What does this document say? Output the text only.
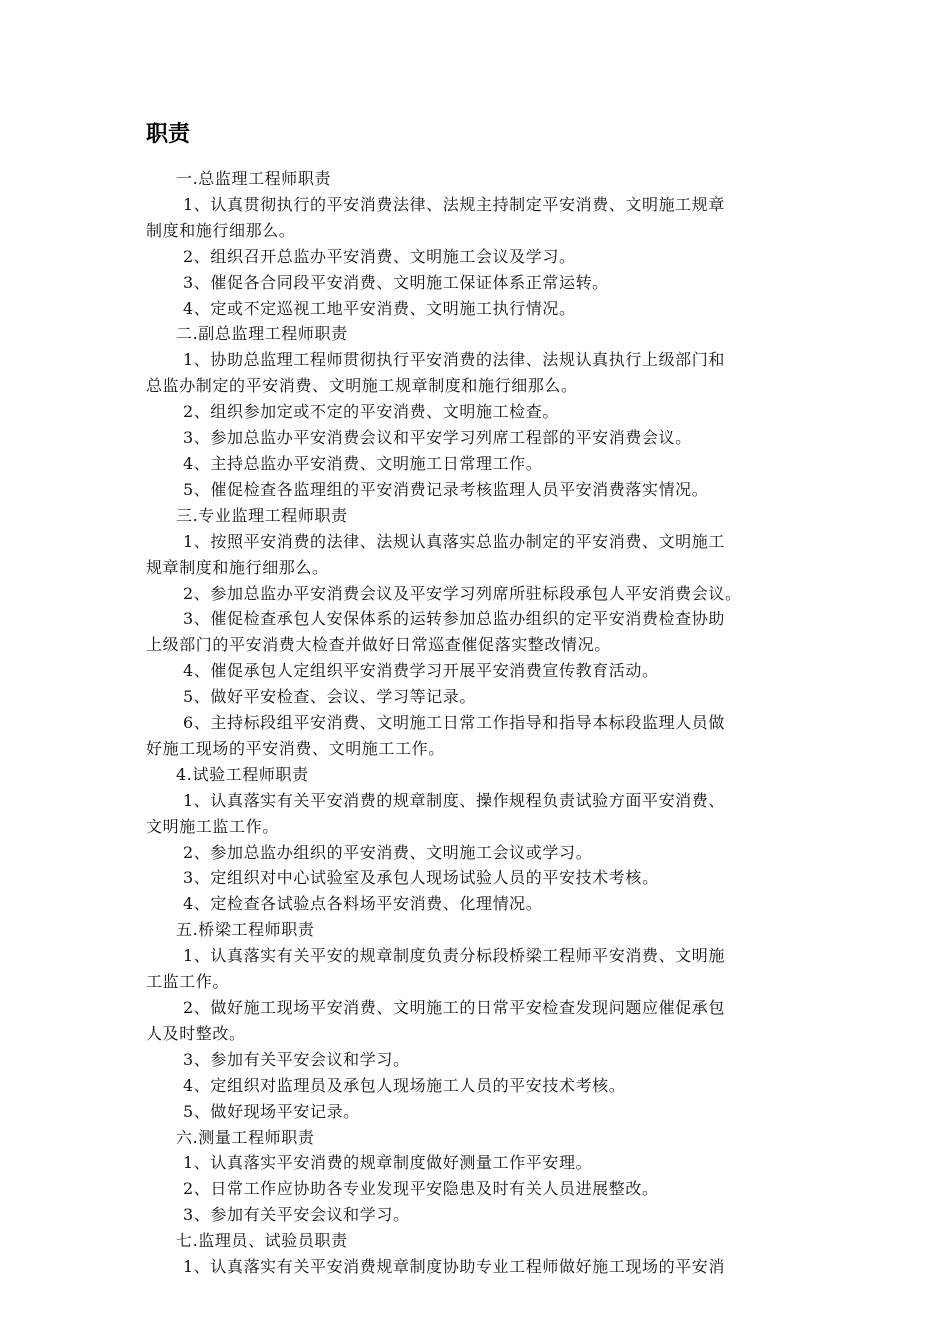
职责

一.总监理工程师职责

1、认真贯彻执行的平安消费法律、法规主持制定平安消费、文明施工规章

制度和施行细那么。

2、组织召开总监办平安消费、文明施工会议及学习。

3、催促各合同段平安消费、文明施工保证体系正常运转。

4、定或不定巡视工地平安消费、文明施工执行情况。

二.副总监理工程师职责

1、协助总监理工程师贯彻执行平安消费的法律、法规认真执行上级部门和

总监办制定的平安消费、文明施工规章制度和施行细那么。

2、组织参加定或不定的平安消费、文明施工检查。

3、参加总监办平安消费会议和平安学习列席工程部的平安消费会议。

4、主持总监办平安消费、文明施工日常理工作。

5、催促检查各监理组的平安消费记录考核监理人员平安消费落实情况。

三.专业监理工程师职责

1、按照平安消费的法律、法规认真落实总监办制定的平安消费、文明施工

规章制度和施行细那么。

2、参加总监办平安消费会议及平安学习列席所驻标段承包人平安消费会议。

3、催促检查承包人安保体系的运转参加总监办组织的定平安消费检查协助

上级部门的平安消费大检查并做好日常巡查催促落实整改情况。

4、催促承包人定组织平安消费学习开展平安消费宣传教育活动。

5、做好平安检查、会议、学习等记录。

6、主持标段组平安消费、文明施工日常工作指导和指导本标段监理人员做

好施工现场的平安消费、文明施工工作。

4.试验工程师职责

1、认真落实有关平安消费的规章制度、操作规程负责试验方面平安消费、

文明施工监工作。

2、参加总监办组织的平安消费、文明施工会议或学习。

3、定组织对中心试验室及承包人现场试验人员的平安技术考核。

4、定检查各试验点各料场平安消费、化理情况。

五.桥梁工程师职责

1、认真落实有关平安的规章制度负责分标段桥梁工程师平安消费、文明施

工监工作。

2、做好施工现场平安消费、文明施工的日常平安检查发现问题应催促承包

人及时整改。

3、参加有关平安会议和学习。

4、定组织对监理员及承包人现场施工人员的平安技术考核。

5、做好现场平安记录。

六.测量工程师职责

1、认真落实平安消费的规章制度做好测量工作平安理。

2、日常工作应协助各专业发现平安隐患及时有关人员进展整改。

3、参加有关平安会议和学习。

七.监理员、试验员职责

1、认真落实有关平安消费规章制度协助专业工程师做好施工现场的平安消
